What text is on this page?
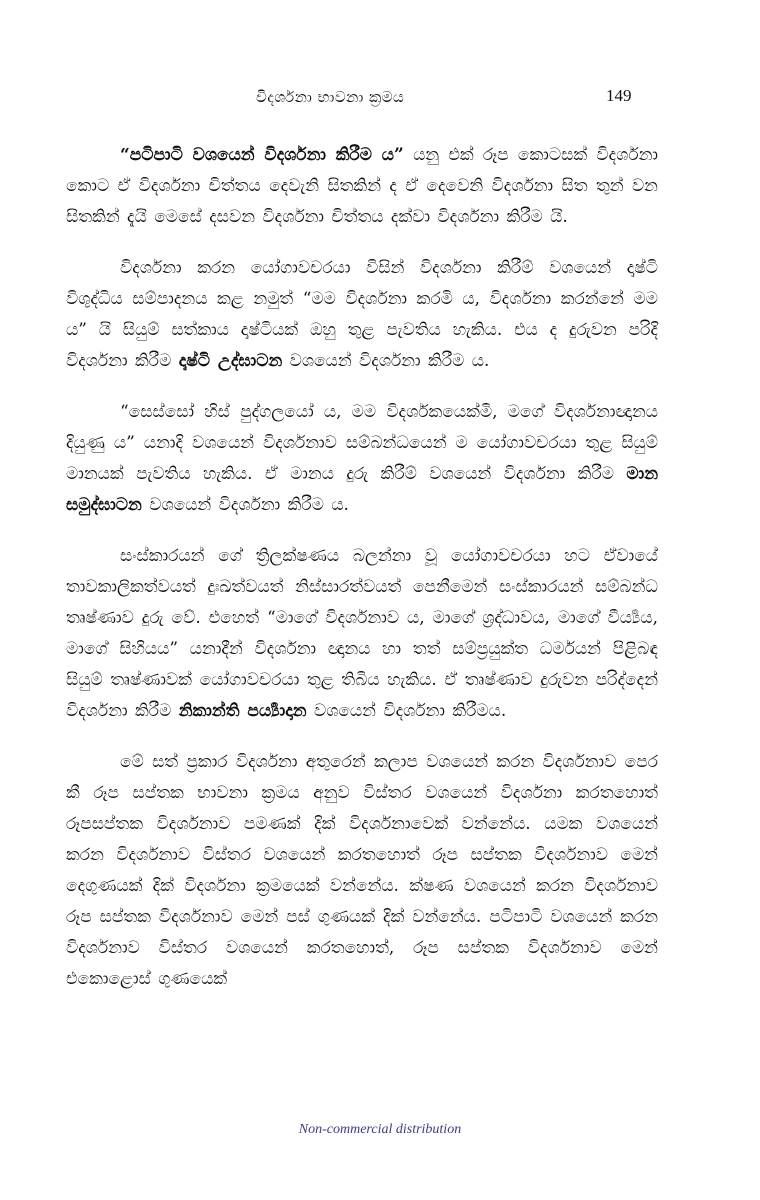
විදර්ශනා භාවනා ක්‍රමය	149

“පටිපාටි වශයෙන් විදර්ශනා කිරීම ය” යනු එක් රූප කොටසක් විදර්ශනා කොට ඒ විදර්ශනා චිත්තය දෙවැනි සිතකින් ද ඒ දෙවෙනි විදර්ශනා සිත තුන් වන සිතකින් දැයි මෙසේ දසවන විදර්ශනා චිත්තය දක්වා විදර්ශනා කිරීම යි.

විදර්ශනා කරන යෝගාවචරයා විසින් විදර්ශනා කිරීම් වශයෙන් දෘෂ්ටි විශුද්ධිය සම්පාදනය කළ නමුත් “මම විදර්ශනා කරමි ය, විදර්ශනා කරන්නේ මම ය” යි සියුම් සත්කාය දෘෂ්ටියක් ඔහු තුළ පැවතිය හැකිය. එය ද දුරුවන පරිදි විදර්ශනා කිරීම දෘෂ්ටි උද්ඝාටන වශයෙන් විදර්ශනා කිරීම ය.

“සෙස්සෝ හිස් පුද්ගලයෝ ය, මම විදර්ශකයෙක්මි, මගේ විදර්ශනාඥානය දියුණු ය” යනාදි වශයෙන් විදර්ශනාව සම්බන්ධයෙන් ම යෝගාවචරයා තුළ සියුම් මානයක් පැවතිය හැකිය. ඒ මානය දුරු කිරීම් වශයෙන් විදර්ශනා කිරීම මාන සමුද්ඝාටන වශයෙන් විදර්ශනා කිරීම ය.

සංස්කාරයන් ගේ ත්‍රිලක්ෂණය බලන්නා වූ යෝගාවචරයා හට ඒවායේ තාවකාලිකත්වයත් දුඃඛත්වයත් නිස්සාරත්වයත් පෙනීමෙන් සංස්කාරයන් සම්බන්ධ තෘෂ්ණාව දුරු වේ. එහෙත් “මාගේ විදර්ශනාව ය, මාගේ ශ්‍රද්ධාවය, මාගේ වීර්‍ය්‍යය, මාගේ සිහියය” යනාදීන් විදර්ශනා ඥානය හා තත් සම්ප්‍රයුක්ත ධර්මයන් පිළිබඳ සියුම් තෘෂ්ණාවක් යෝගාවචරයා තුළ තිබිය හැකිය. ඒ තෘෂ්ණාව දුරුවන පරිද්දෙන් විදර්ශනා කිරීම නිකාන්ති පර්‍ය්‍යාදාන වශයෙන් විදර්ශනා කිරීමය.

මේ සත් ප්‍රකාර විදර්ශනා අතුරෙන් කලාප වශයෙන් කරන විදර්ශනාව පෙර කී රූප සප්තක භාවනා ක්‍රමය අනුව විස්තර වශයෙන් විදර්ශනා කරතහොත් රූපසප්තක විදර්ශනාව පමණක් දික් විදර්ශනාවෙක් වන්නේය. යමක වශයෙන් කරන විදර්ශනාව විස්තර වශයෙන් කරතහොත් රූප සප්තක විදර්ශනාව මෙන් දෙගුණයක් දික් විදර්ශනා ක්‍රමයෙක් වන්නේය. ක්ෂණ වශයෙන් කරන විදර්ශනාව රූප සප්තක විදර්ශනාව මෙන් පස් ගුණයක් දික් වන්නේය. පටිපාටි වශයෙන් කරන විදර්ශනාව විස්තර වශයෙන් කරතහොත්, රූප සප්තක විදර්ශනාව මෙන් එකොළොස් ගුණයෙක්

Non-commercial distribution
